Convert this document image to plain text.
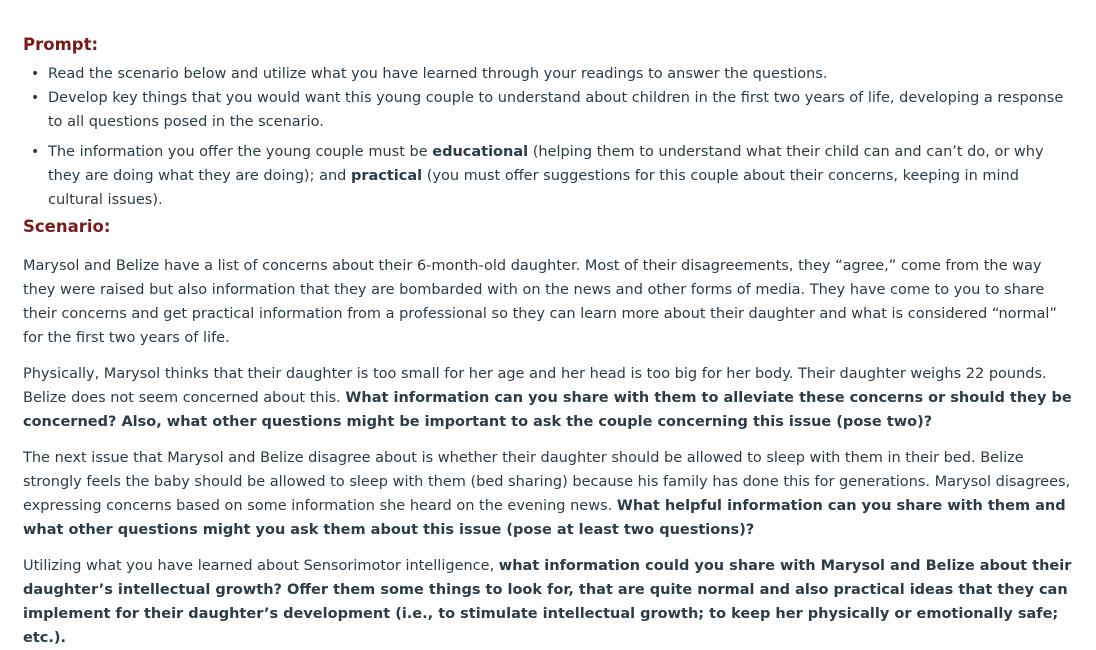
Prompt:
• Read the scenario below and utilize what you have learned through your readings to answer the questions.
• Develop key things that you would want this young couple to understand about children in the first two years of life, developing a response to all questions posed in the scenario.
• The information you offer the young couple must be educational (helping them to understand what their child can and can’t do, or why they are doing what they are doing); and practical (you must offer suggestions for this couple about their concerns, keeping in mind cultural issues).
Scenario:

Marysol and Belize have a list of concerns about their 6-month-old daughter. Most of their disagreements, they “agree,” come from the way they were raised but also information that they are bombarded with on the news and other forms of media. They have come to you to share their concerns and get practical information from a professional so they can learn more about their daughter and what is considered “normal” for the first two years of life.

Physically, Marysol thinks that their daughter is too small for her age and her head is too big for her body. Their daughter weighs 22 pounds. Belize does not seem concerned about this. What information can you share with them to alleviate these concerns or should they be concerned? Also, what other questions might be important to ask the couple concerning this issue (pose two)?

The next issue that Marysol and Belize disagree about is whether their daughter should be allowed to sleep with them in their bed. Belize strongly feels the baby should be allowed to sleep with them (bed sharing) because his family has done this for generations. Marysol disagrees, expressing concerns based on some information she heard on the evening news. What helpful information can you share with them and what other questions might you ask them about this issue (pose at least two questions)?

Utilizing what you have learned about Sensorimotor intelligence, what information could you share with Marysol and Belize about their daughter’s intellectual growth? Offer them some things to look for, that are quite normal and also practical ideas that they can implement for their daughter’s development (i.e., to stimulate intellectual growth; to keep her physically or emotionally safe; etc.).
